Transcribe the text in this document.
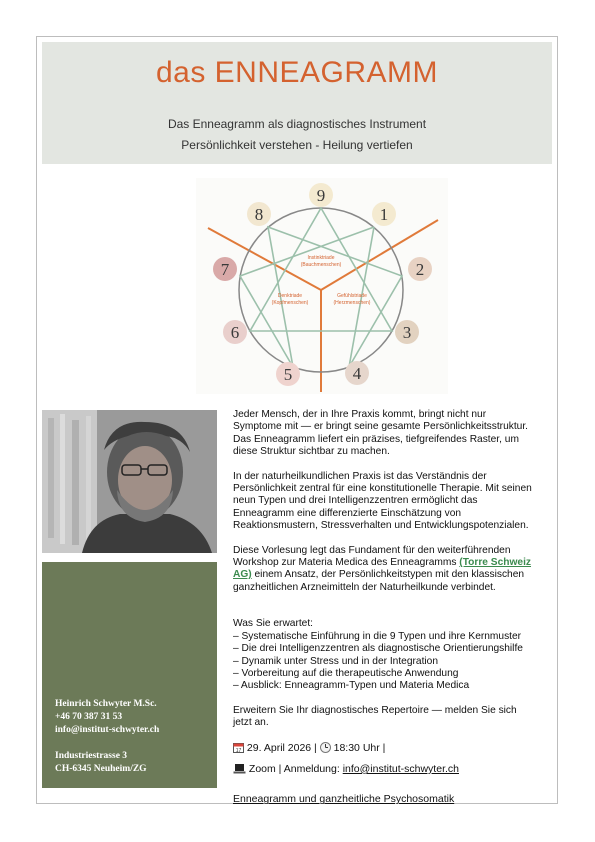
das ENNEAGRAMM
Das Enneagramm als diagnostisches Instrument
Persönlichkeit verstehen - Heilung vertiefen
Instinktriade
(Bauchmenschen)
Denktriade
(Kopfmenschen)
Gefühlstriade
(Herzmenschen)
9
1
2
3
4
5
6
7
8
Heinrich Schwyter M.Sc.
+46 70 387 31 53
info@institut-schwyter.ch
Industriestrasse 3
CH-6345 Neuheim/ZG

Jeder Mensch, der in Ihre Praxis kommt, bringt nicht nur
Symptome mit — er bringt seine gesamte Persönlichkeitsstruktur.
Das Enneagramm liefert ein präzises, tiefgreifendes Raster, um
diese Struktur sichtbar zu machen.

In der naturheilkundlichen Praxis ist das Verständnis der
Persönlichkeit zentral für eine konstitutionelle Therapie. Mit seinen
neun Typen und drei Intelligenzzentren ermöglicht das
Enneagramm eine differenzierte Einschätzung von
Reaktionsmustern, Stressverhalten und Entwicklungspotenzialen.

Diese Vorlesung legt das Fundament für den weiterführenden
Workshop zur Materia Medica des Enneagramms (Torre Schweiz
AG) einem Ansatz, der Persönlichkeitstypen mit den klassischen
ganzheitlichen Arzneimitteln der Naturheilkunde verbindet.

Was Sie erwartet:
– Systematische Einführung in die 9 Typen und ihre Kernmuster
– Die drei Intelligenzzentren als diagnostische Orientierungshilfe
– Dynamik unter Stress und in der Integration
– Vorbereitung auf die therapeutische Anwendung
– Ausblick: Enneagramm-Typen und Materia Medica

Erweitern Sie Ihr diagnostisches Repertoire — melden Sie sich
jetzt an.

17 29. April 2026 |  18:30 Uhr |

Zoom | Anmeldung: info@institut-schwyter.ch

Enneagramm und ganzheitliche Psychosomatik
